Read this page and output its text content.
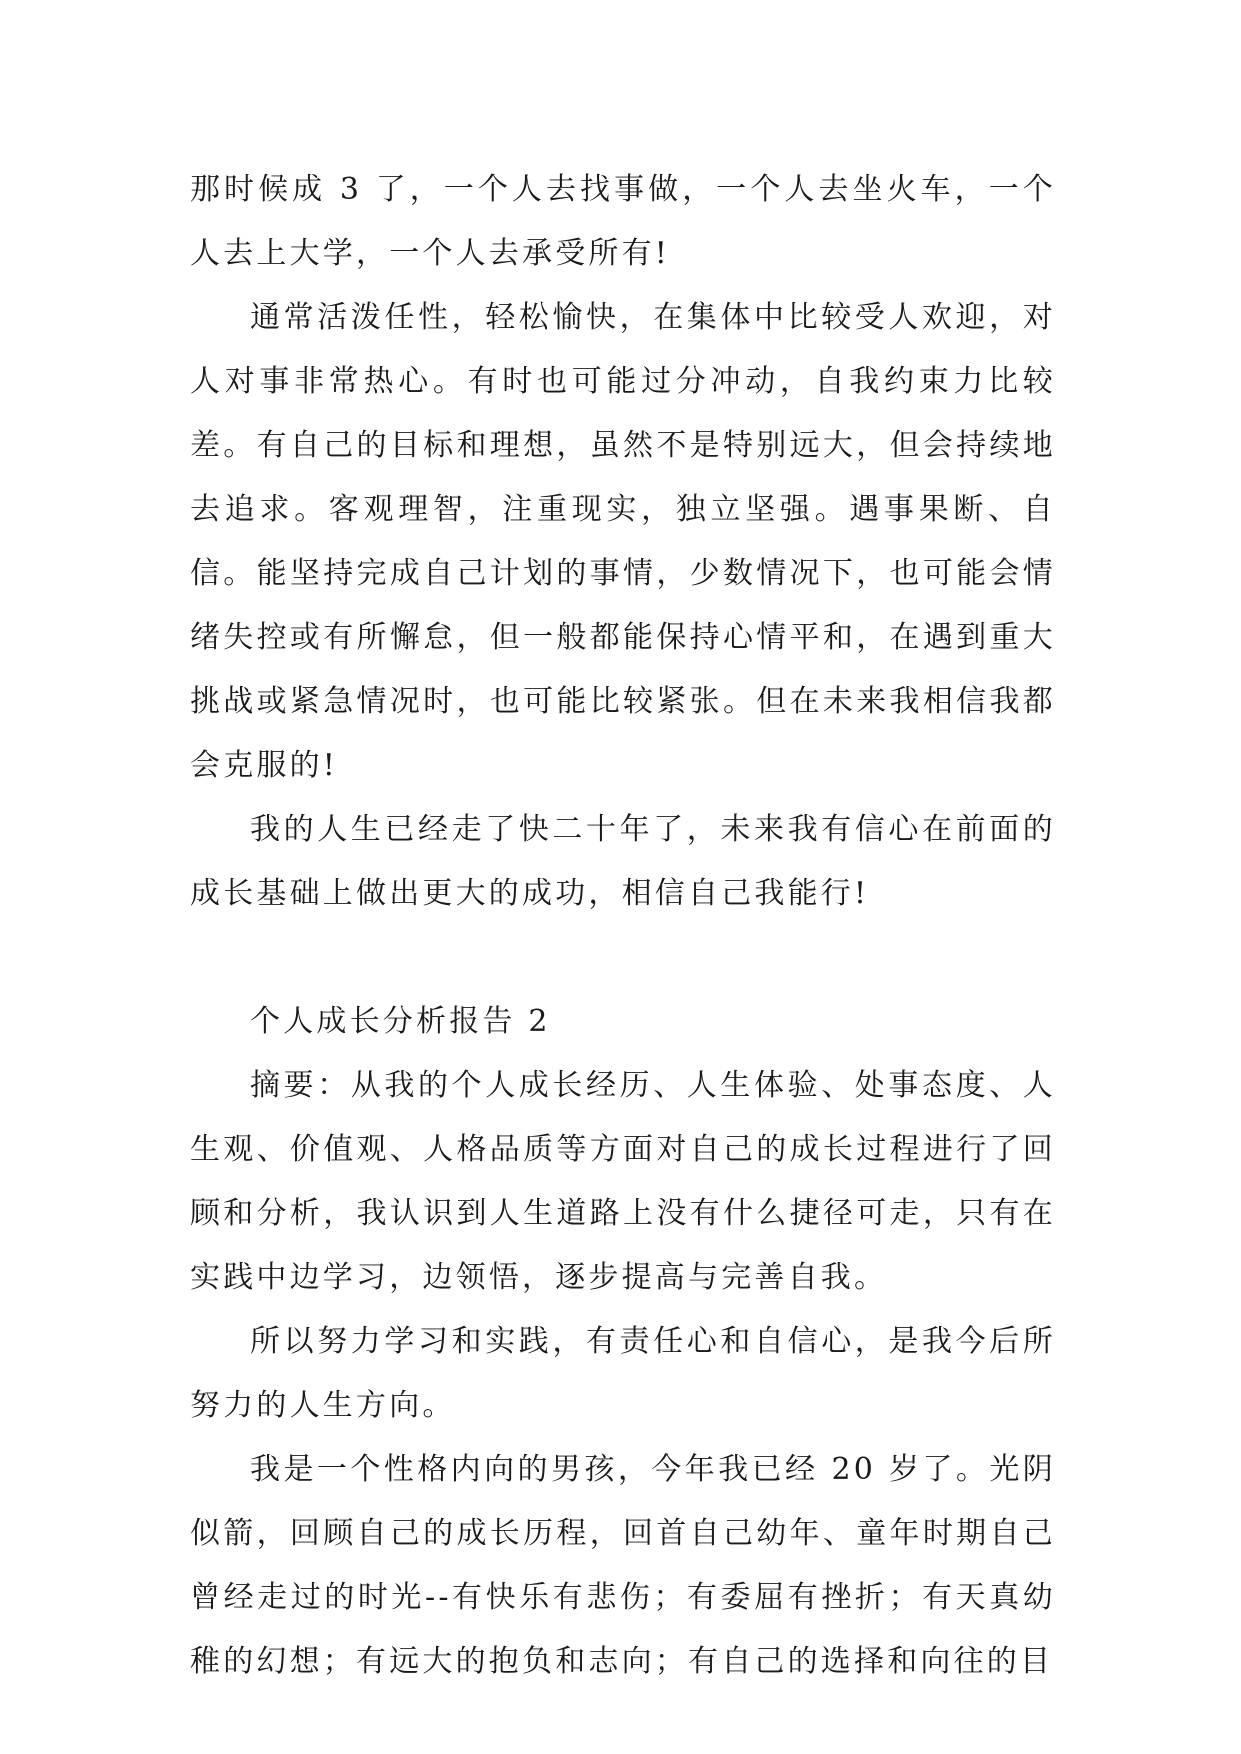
那时候成 3 了，一个人去找事做，一个人去坐火车，一个人去上大学，一个人去承受所有!

通常活泼任性，轻松愉快，在集体中比较受人欢迎，对人对事非常热心。有时也可能过分冲动，自我约束力比较差。有自己的目标和理想，虽然不是特别远大，但会持续地去追求。客观理智，注重现实，独立坚强。遇事果断、自信。能坚持完成自己计划的事情，少数情况下，也可能会情绪失控或有所懈怠，但一般都能保持心情平和，在遇到重大挑战或紧急情况时，也可能比较紧张。但在未来我相信我都会克服的!

我的人生已经走了快二十年了，未来我有信心在前面的成长基础上做出更大的成功，相信自己我能行!

个人成长分析报告 2

摘要：从我的个人成长经历、人生体验、处事态度、人生观、价值观、人格品质等方面对自己的成长过程进行了回顾和分析，我认识到人生道路上没有什么捷径可走，只有在实践中边学习，边领悟，逐步提高与完善自我。

所以努力学习和实践，有责任心和自信心，是我今后所努力的人生方向。

我是一个性格内向的男孩，今年我已经 20 岁了。光阴似箭，回顾自己的成长历程，回首自己幼年、童年时期自己曾经走过的时光--有快乐有悲伤；有委屈有挫折；有天真幼稚的幻想；有远大的抱负和志向；有自己的选择和向往的目
